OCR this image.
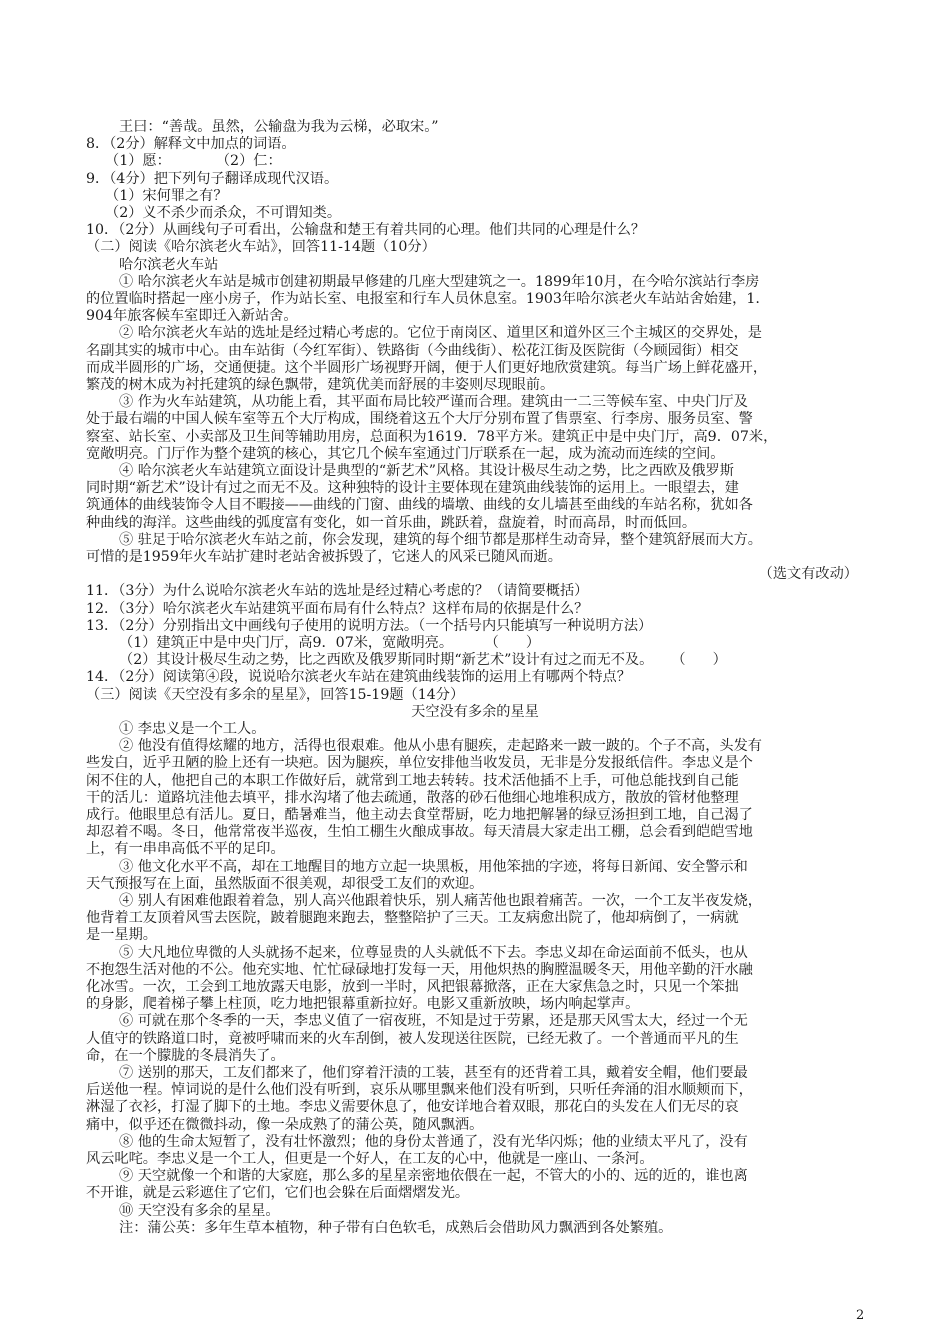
王曰：“善哉。虽然，公输盘为我为云梯，必取宋。”
8．（2分）解释文中加点的词语。
（1）愿：          （2）仁：
9．（4分）把下列句子翻译成现代汉语。
（1）宋何罪之有？
（2）义不杀少而杀众，不可谓知类。
10．（2分）从画线句子可看出，公输盘和楚王有着共同的心理。他们共同的心理是什么？
（二）阅读《哈尔滨老火车站》，回答11-14题（10分）
哈尔滨老火车站
① 哈尔滨老火车站是城市创建初期最早修建的几座大型建筑之一。1899年10月，在今哈尔滨站行李房
的位置临时搭起一座小房子，作为站长室、电报室和行车人员休息室。1903年哈尔滨老火车站站舍始建，1.
904年旅客候车室即迁入新站舍。
② 哈尔滨老火车站的选址是经过精心考虑的。它位于南岗区、道里区和道外区三个主城区的交界处，是
名副其实的城市中心。由车站街（今红军街）、铁路街（今曲线街）、松花江街及医院街（今顾园街）相交
而成半圆形的广场，交通便捷。这个半圆形广场视野开阔，便于人们更好地欣赏建筑。每当广场上鲜花盛开，
繁茂的树木成为衬托建筑的绿色飘带，建筑优美而舒展的丰姿则尽现眼前。
③ 作为火车站建筑，从功能上看，其平面布局比较严谨而合理。建筑由一二三等候车室、中央门厅及
处于最右端的中国人候车室等五个大厅构成，围绕着这五个大厅分别布置了售票室、行李房、服务员室、警
察室、站长室、小卖部及卫生间等辅助用房，总面积为1619．78平方米。建筑正中是中央门厅，高9．07米，
宽敞明亮。门厅作为整个建筑的核心，其它几个候车室通过门厅联系在一起，成为流动而连续的空间。
④ 哈尔滨老火车站建筑立面设计是典型的“新艺术”风格。其设计极尽生动之势，比之西欧及俄罗斯
同时期“新艺术”设计有过之而无不及。这种独特的设计主要体现在建筑曲线装饰的运用上。一眼望去，建
筑通体的曲线装饰令人目不暇接——曲线的门窗、曲线的墙墩、曲线的女儿墙甚至曲线的车站名称，犹如各
种曲线的海洋。这些曲线的弧度富有变化，如一首乐曲，跳跃着，盘旋着，时而高昂，时而低回。
⑤ 驻足于哈尔滨老火车站之前，你会发现，建筑的每个细节都是那样生动奇异，整个建筑舒展而大方。
可惜的是1959年火车站扩建时老站舍被拆毁了，它迷人的风采已随风而逝。
（选文有改动）
11．（3分）为什么说哈尔滨老火车站的选址是经过精心考虑的？（请简要概括）
12．（3分）哈尔滨老火车站建筑平面布局有什么特点？这样布局的依据是什么？
13．（2分）分别指出文中画线句子使用的说明方法。（一个括号内只能填写一种说明方法）
（1）建筑正中是中央门厅，高9．07米，宽敞明亮。       （      ）
（2）其设计极尽生动之势，比之西欧及俄罗斯同时期“新艺术”设计有过之而无不及。    （      ）
14．（2分）阅读第④段，说说哈尔滨老火车站在建筑曲线装饰的运用上有哪两个特点？
（三）阅读《天空没有多余的星星》，回答15-19题（14分）
天空没有多余的星星
① 李忠义是一个工人。
② 他没有值得炫耀的地方，活得也很艰难。他从小患有腿疾，走起路来一跛一跛的。个子不高，头发有
些发白，近乎丑陋的脸上还有一块疤。因为腿疾，单位安排他当收发员，无非是分发报纸信件。李忠义是个
闲不住的人，他把自己的本职工作做好后，就常到工地去转转。技术活他插不上手，可他总能找到自己能
干的活儿：道路坑洼他去填平，排水沟堵了他去疏通，散落的砂石他细心地堆积成方，散放的管材他整理
成行。他眼里总有活儿。夏日，酷暑难当，他主动去食堂帮厨，吃力地把解暑的绿豆汤担到工地，自己渴了
却忍着不喝。冬日，他常常夜半巡夜，生怕工棚生火酿成事故。每天清晨大家走出工棚，总会看到皑皑雪地
上，有一串串高低不平的足印。
③ 他文化水平不高，却在工地醒目的地方立起一块黑板，用他笨拙的字迹，将每日新闻、安全警示和
天气预报写在上面，虽然版面不很美观，却很受工友们的欢迎。
④ 别人有困难他跟着着急，别人高兴他跟着快乐，别人痛苦他也跟着痛苦。一次，一个工友半夜发烧，
他背着工友顶着风雪去医院，跛着腿跑来跑去，整整陪护了三天。工友病愈出院了，他却病倒了，一病就
是一星期。
⑤ 大凡地位卑微的人头就扬不起来，位尊显贵的人头就低不下去。李忠义却在命运面前不低头，也从
不抱怨生活对他的不公。他充实地、忙忙碌碌地打发每一天，用他炽热的胸膛温暖冬天，用他辛勤的汗水融
化冰雪。一次，工会到工地放露天电影，放到一半时，风把银幕掀落，正在大家焦急之时，只见一个笨拙
的身影，爬着梯子攀上柱顶，吃力地把银幕重新拉好。电影又重新放映，场内响起掌声。
⑥ 可就在那个冬季的一天，李忠义值了一宿夜班，不知是过于劳累，还是那天风雪太大，经过一个无
人值守的铁路道口时，竟被呼啸而来的火车刮倒，被人发现送往医院，已经无救了。一个普通而平凡的生
命，在一个朦胧的冬晨消失了。
⑦ 送别的那天，工友们都来了，他们穿着汗渍的工装，甚至有的还背着工具，戴着安全帽，他们要最
后送他一程。悼词说的是什么他们没有听到，哀乐从哪里飘来他们没有听到，只听任奔涌的泪水顺颊而下，
淋湿了衣衫，打湿了脚下的土地。李忠义需要休息了，他安详地合着双眼，那花白的头发在人们无尽的哀
痛中，似乎还在微微抖动，像一朵成熟了的蒲公英，随风飘洒。
⑧ 他的生命太短暂了，没有壮怀激烈；他的身份太普通了，没有光华闪烁；他的业绩太平凡了，没有
风云叱咤。李忠义是一个工人，但更是一个好人，在工友的心中，他就是一座山、一条河。
⑨ 天空就像一个和谐的大家庭，那么多的星星亲密地依偎在一起，不管大的小的、远的近的，谁也离
不开谁，就是云彩遮住了它们，它们也会躲在后面熠熠发光。
⑩ 天空没有多余的星星。
注：蒲公英：多年生草本植物，种子带有白色软毛，成熟后会借助风力飘洒到各处繁殖。
2
